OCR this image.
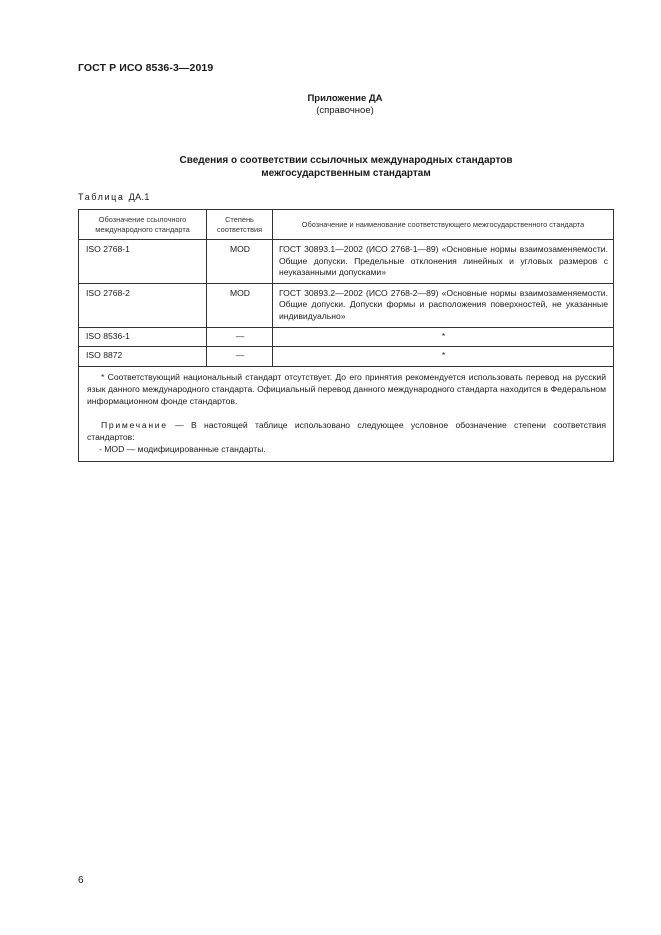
ГОСТ Р ИСО 8536-3—2019
Приложение ДА
(справочное)
Сведения о соответствии ссылочных международных стандартов
межгосударственным стандартам
Таблица ДА.1
Обозначение ссылочного международного стандарта	Степень соответствия	Обозначение и наименование соответствующего межгосударственного стандарта
ISO 2768-1	MOD	ГОСТ 30893.1—2002 (ИСО 2768-1—89) «Основные нормы взаимозаменяемости. Общие допуски. Предельные отклонения линейных и угловых размеров с неуказанными допусками»
ISO 2768-2	MOD	ГОСТ 30893.2—2002 (ИСО 2768-2—89) «Основные нормы взаимозаменяемости. Общие допуски. Допуски формы и расположения поверхностей, не указанные индивидуально»
ISO 8536-1	—	*
ISO 8872	—	*

* Соответствующий национальный стандарт отсутствует. До его принятия рекомендуется использовать перевод на русский язык данного международного стандарта. Официальный перевод данного международного стандарта находится в Федеральном информационном фонде стандартов.

Примечание — В настоящей таблице использовано следующее условное обозначение степени соответствия стандартов:

- MOD — модифицированные стандарты.		

6
